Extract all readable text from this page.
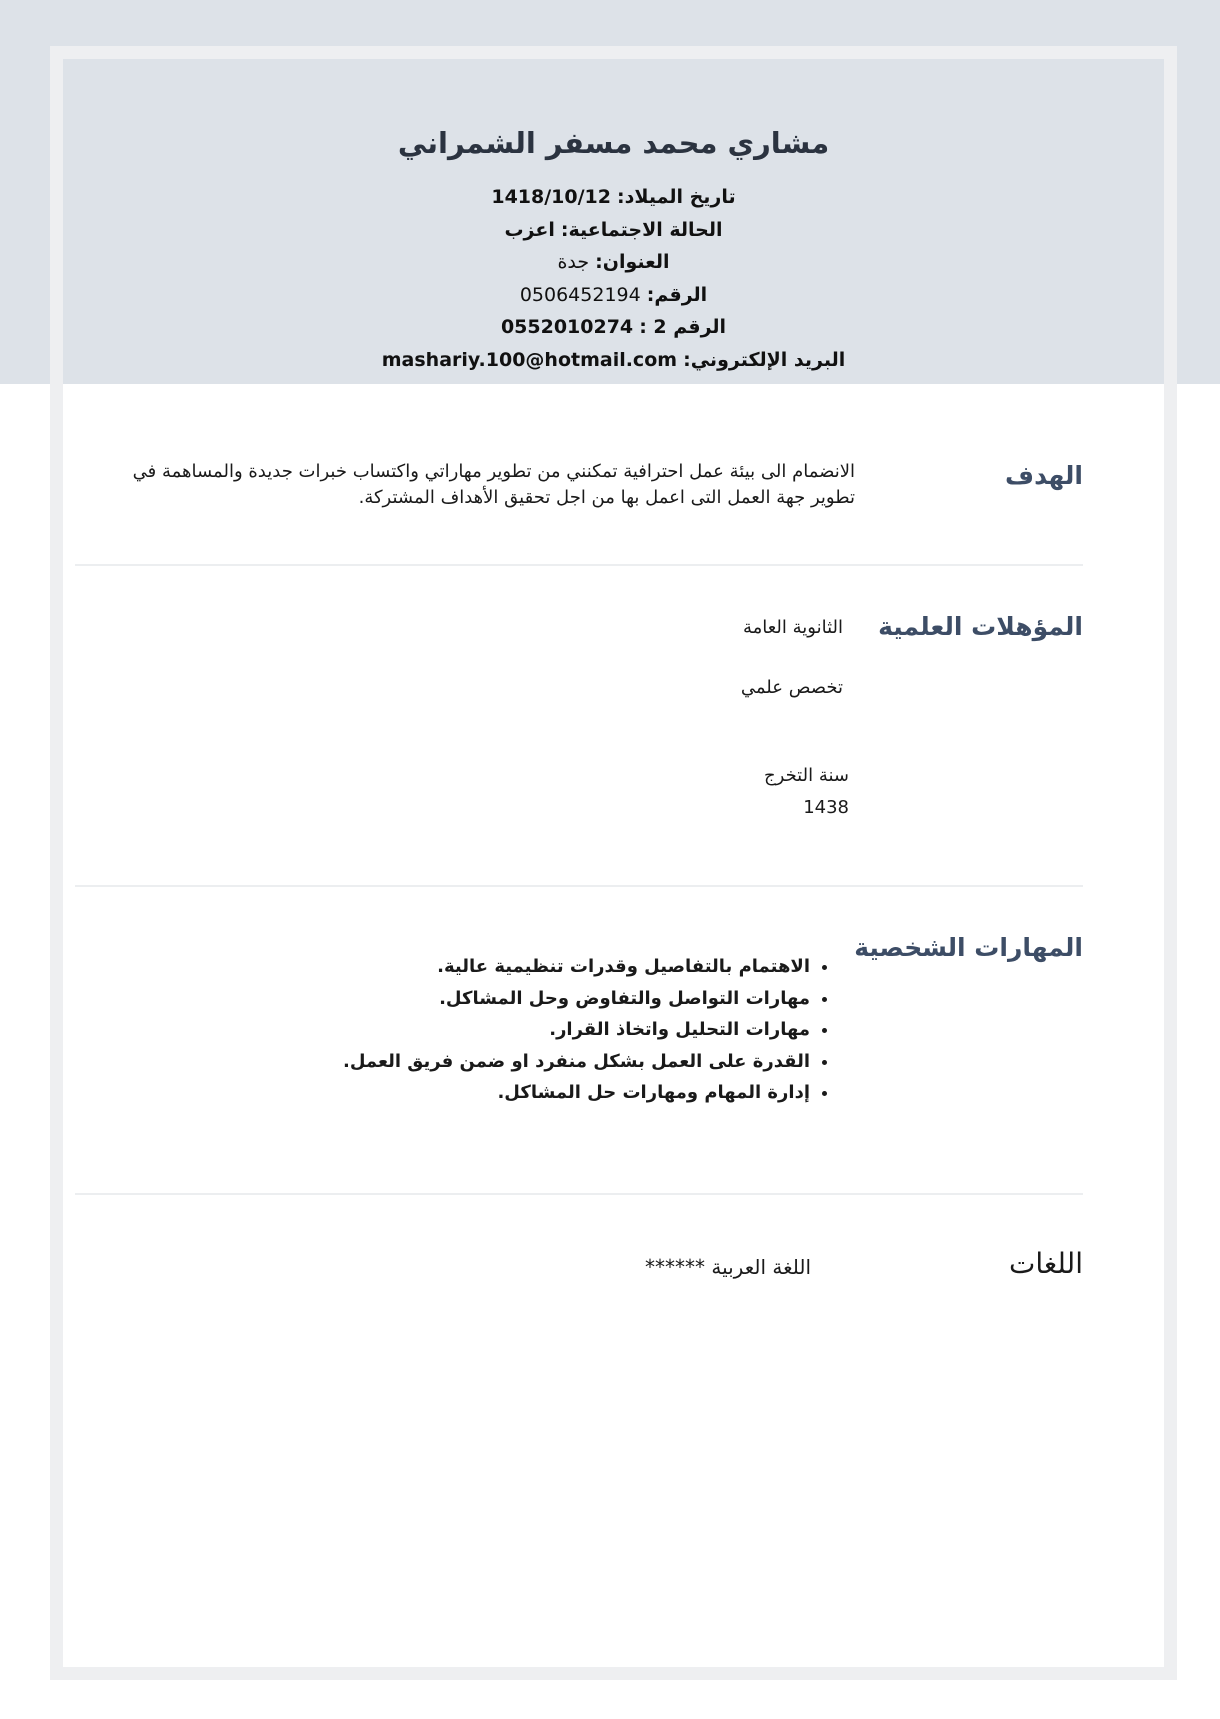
مشاري محمد مسفر الشمراني
تاريخ الميلاد: 1418/10/12
الحالة الاجتماعية: اعزب
العنوان: جدة
الرقم: 0506452194
الرقم 2 : 0552010274
البريد الإلكتروني: mashariy.100@hotmail.com
الهدف
الانضمام الى بيئة عمل احترافية تمكنني من تطوير مهاراتي واكتساب خبرات جديدة والمساهمة في تطوير جهة العمل التى اعمل بها من اجل تحقيق الأهداف المشتركة.
المؤهلات العلمية
الثانوية العامة
تخصص علمي
سنة التخرج
1438
المهارات الشخصية
• الاهتمام بالتفاصيل وقدرات تنظيمية عالية.
• مهارات التواصل والتفاوض وحل المشاكل.
• مهارات التحليل واتخاذ القرار.
• القدرة على العمل بشكل منفرد او ضمن فريق العمل.
• إدارة المهام ومهارات حل المشاكل.
اللغات
اللغة العربية ******
